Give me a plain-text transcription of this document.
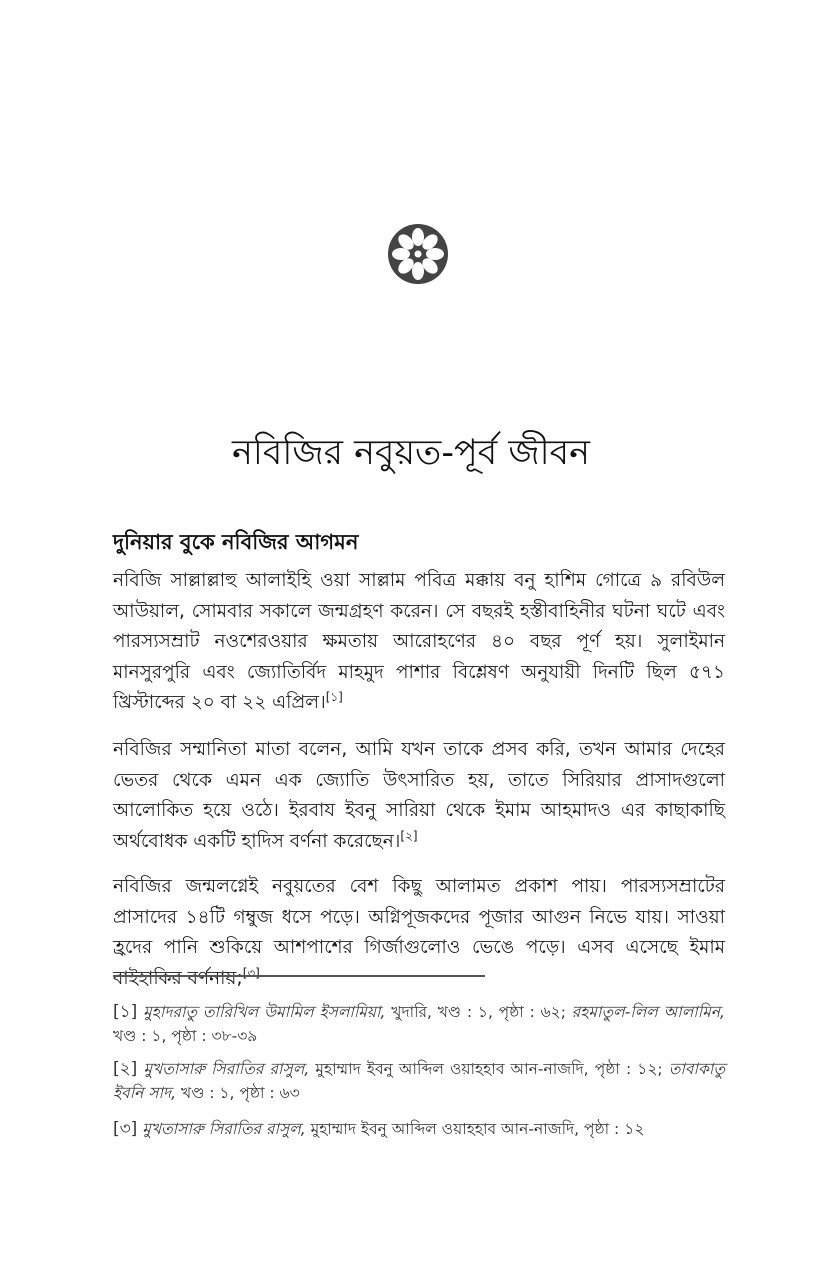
নবিজির নবুয়ত-পূর্ব জীবন
দুনিয়ার বুকে নবিজির আগমন

নবিজি সাল্লাল্লাহু আলাইহি ওয়া সাল্লাম পবিত্র মক্কায় বনু হাশিম গোত্রে ৯ রবিউল আউয়াল, সোমবার সকালে জন্মগ্রহণ করেন। সে বছরই হস্তীবাহিনীর ঘটনা ঘটে এবং পারস্যসম্রাট নওশেরওয়ার ক্ষমতায় আরোহণের ৪০ বছর পূর্ণ হয়। সুলাইমান মানসুরপুরি এবং জ্যোতির্বিদ মাহমুদ পাশার বিশ্লেষণ অনুযায়ী দিনটি ছিল ৫৭১ খ্রিস্টাব্দের ২০ বা ২২ এপ্রিল।[১]

নবিজির সম্মানিতা মাতা বলেন, আমি যখন তাকে প্রসব করি, তখন আমার দেহের ভেতর থেকে এমন এক জ্যোতি উৎসারিত হয়, তাতে সিরিয়ার প্রাসাদগুলো আলোকিত হয়ে ওঠে। ইরবায ইবনু সারিয়া থেকে ইমাম আহমাদও এর কাছাকাছি অর্থবোধক একটি হাদিস বর্ণনা করেছেন।[২]

নবিজির জন্মলগ্নেই নবুয়তের বেশ কিছু আলামত প্রকাশ পায়। পারস্যসম্রাটের প্রাসাদের ১৪টি গম্বুজ ধসে পড়ে। অগ্নিপূজকদের পূজার আগুন নিভে যায়। সাওয়া হ্রদের পানি শুকিয়ে আশপাশের গির্জাগুলোও ভেঙে পড়ে। এসব এসেছে ইমাম বাইহাকির বর্ণনায়;[৩]

[১] মুহাদরাতু তারিখিল উমামিল ইসলামিয়া, খুদারি, খণ্ড : ১, পৃষ্ঠা : ৬২; রহমাতুল-লিল আলামিন, খণ্ড : ১, পৃষ্ঠা : ৩৮-৩৯

[২] মুখতাসারু সিরাতির রাসুল, মুহাম্মাদ ইবনু আব্দিল ওয়াহহাব আন-নাজদি, পৃষ্ঠা : ১২; তাবাকাতু ইবনি সাদ, খণ্ড : ১, পৃষ্ঠা : ৬৩

[৩] মুখতাসারু সিরাতির রাসুল, মুহাম্মাদ ইবনু আব্দিল ওয়াহহাব আন-নাজদি, পৃষ্ঠা : ১২
